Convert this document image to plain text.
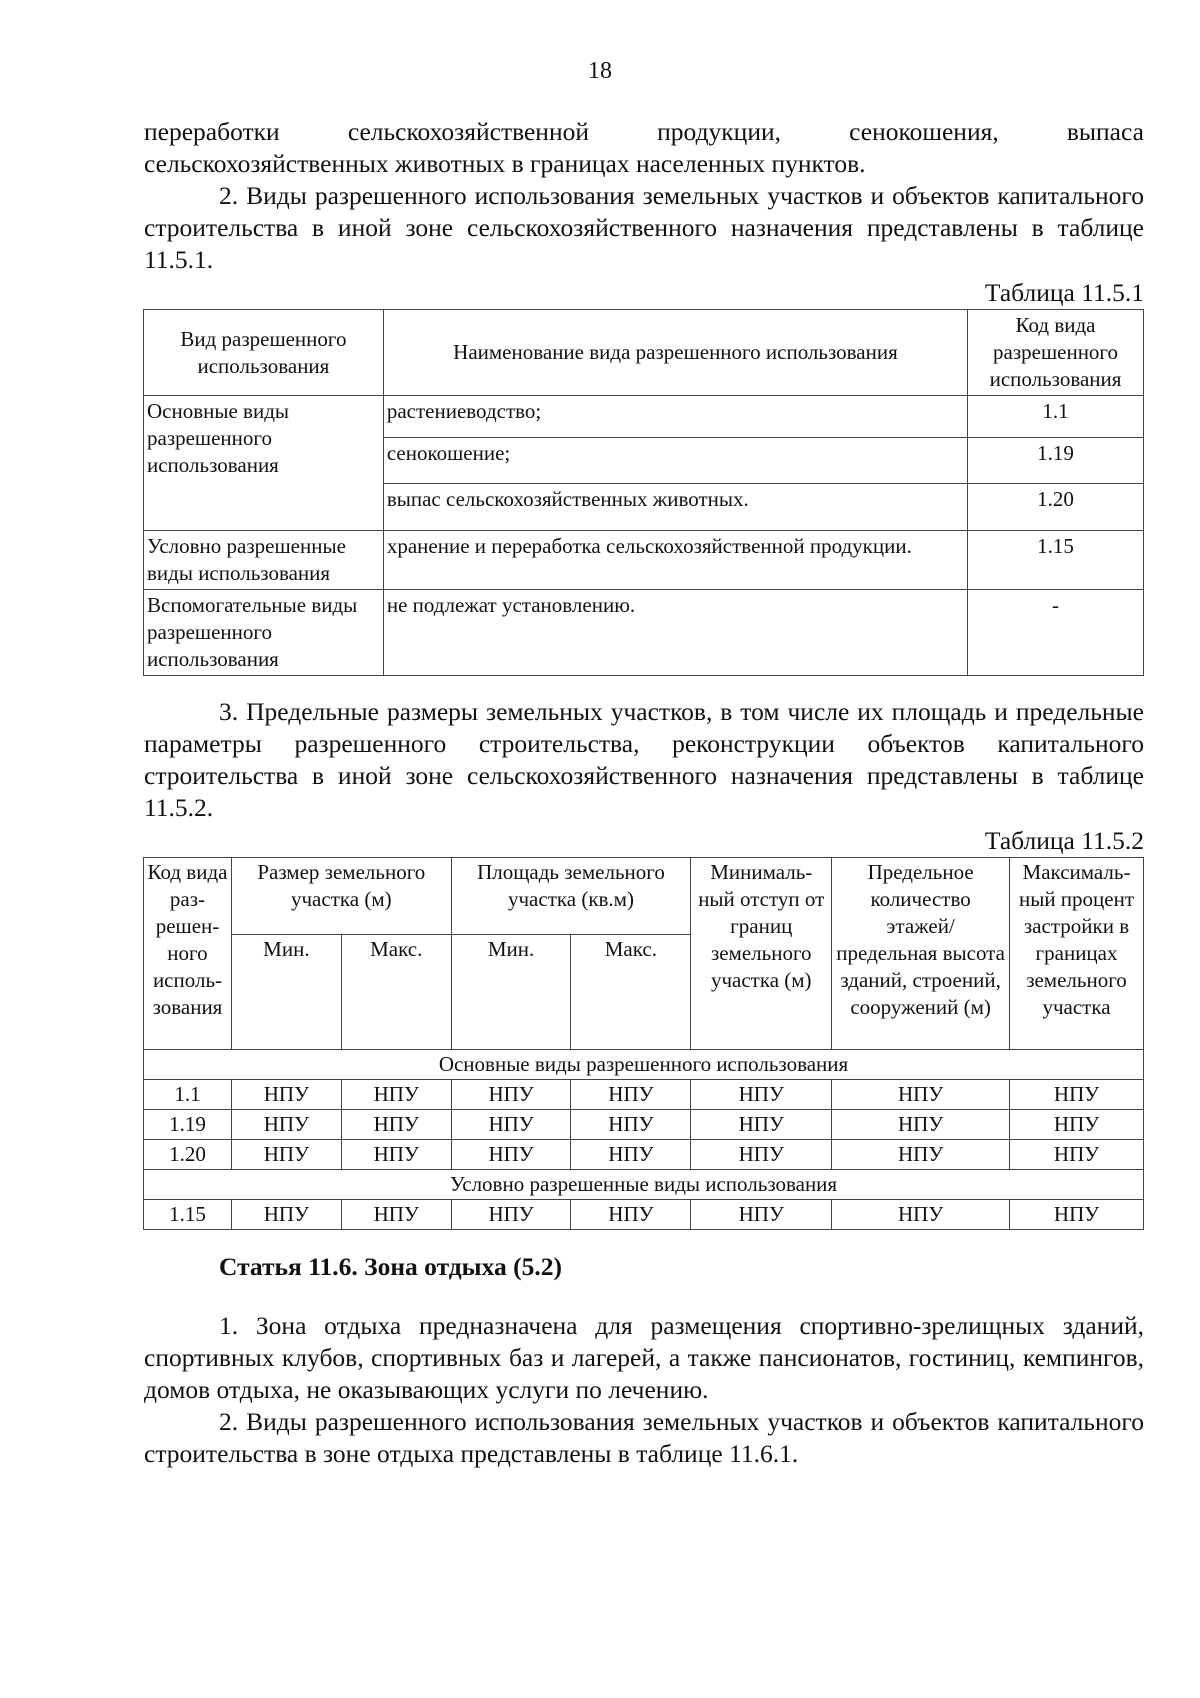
18
переработки	сельскохозяйственной	продукции,	сенокошения,	выпаса

сельскохозяйственных животных в границах населенных пунктов.

2. Виды разрешенного использования земельных участков и объектов капитального строительства в иной зоне сельскохозяйственного назначения представлены в таблице 11.5.1.

Таблица 11.5.1
Вид разрешенного использования	Наименование вида разрешенного использования	Код вида разрешенного использования
Основные виды разрешенного использования	растениеводство;	1.1
	сенокошение;	1.19
	выпас сельскохозяйственных животных.	1.20
Условно разрешенные виды использования	хранение и переработка сельскохозяйственной продукции.	1.15
Вспомогательные виды разрешенного использования	не подлежат установлению.	-

3. Предельные размеры земельных участков, в том числе их площадь и предельные параметры разрешенного строительства, реконструкции объектов капитального строительства в иной зоне сельскохозяйственного назначения представлены в таблице 11.5.2.

Таблица 11.5.2
Код вида раз-решен-ного исполь-зования	Размер земельного участка (м)		Площадь земельного участка (кв.м)		Минималь-ный отступ от границ земельного участка (м)	Предельное количество этажей/ предельная высота зданий, строений, сооружений (м)	Максималь-ный процент застройки в границах земельного участка
	Мин.	Макс.	Мин.	Макс.			
Основные виды разрешенного использования							
1.1	НПУ	НПУ	НПУ	НПУ	НПУ	НПУ	НПУ
1.19	НПУ	НПУ	НПУ	НПУ	НПУ	НПУ	НПУ
1.20	НПУ	НПУ	НПУ	НПУ	НПУ	НПУ	НПУ
Условно разрешенные виды использования							
1.15	НПУ	НПУ	НПУ	НПУ	НПУ	НПУ	НПУ
Статья 11.6. Зона отдыха (5.2)

1. Зона отдыха предназначена для размещения спортивно-зрелищных зданий, спортивных клубов, спортивных баз и лагерей, а также пансионатов, гостиниц, кемпингов, домов отдыха, не оказывающих услуги по лечению.

2. Виды разрешенного использования земельных участков и объектов капитального строительства в зоне отдыха представлены в таблице 11.6.1.
